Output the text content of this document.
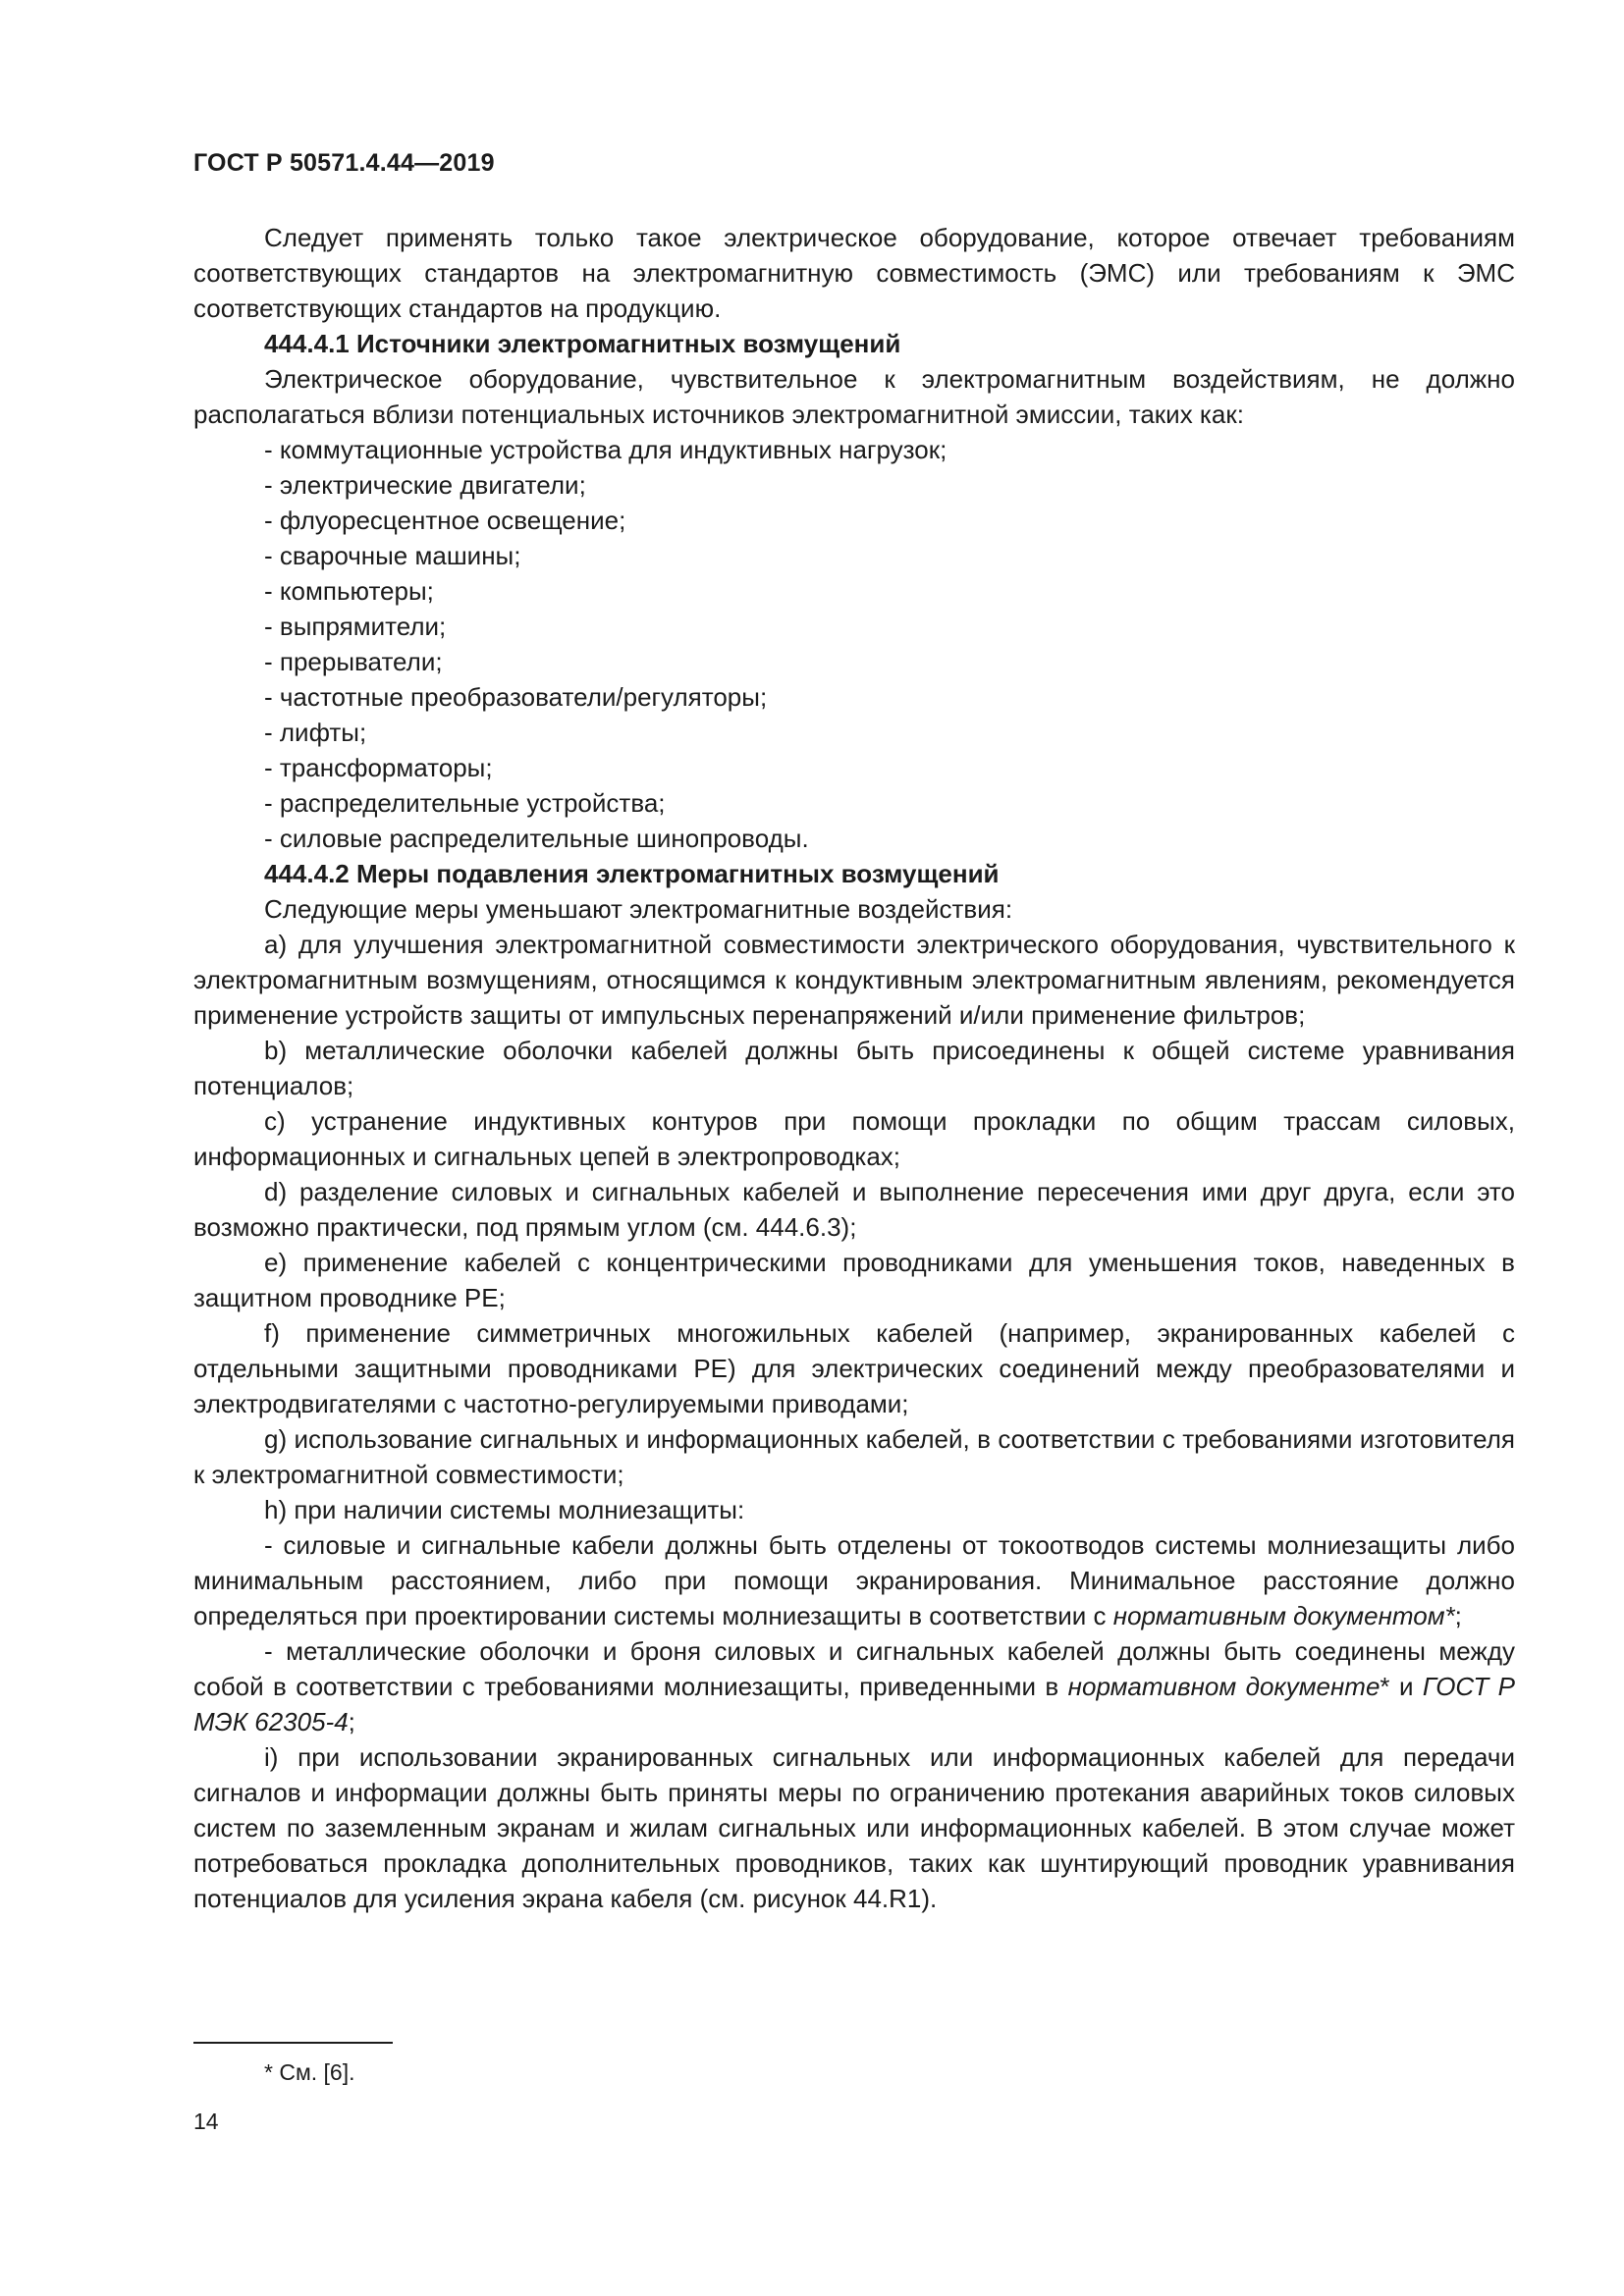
ГОСТ Р 50571.4.44—2019

Следует применять только такое электрическое оборудование, которое отвечает требованиям соответствующих стандартов на электромагнитную совместимость (ЭМС) или требованиям к ЭМС соответствующих стандартов на продукцию.

444.4.1 Источники электромагнитных возмущений

Электрическое оборудование, чувствительное к электромагнитным воздействиям, не должно располагаться вблизи потенциальных источников электромагнитной эмиссии, таких как:

- коммутационные устройства для индуктивных нагрузок;

- электрические двигатели;

- флуоресцентное освещение;

- сварочные машины;

- компьютеры;

- выпрямители;

- прерыватели;

- частотные преобразователи/регуляторы;

- лифты;

- трансформаторы;

- распределительные устройства;

- силовые распределительные шинопроводы.

444.4.2 Меры подавления электромагнитных возмущений

Следующие меры уменьшают электромагнитные воздействия:

a) для улучшения электромагнитной совместимости электрического оборудования, чувствительного к электромагнитным возмущениям, относящимся к кондуктивным электромагнитным явлениям, рекомендуется применение устройств защиты от импульсных перенапряжений и/или применение фильтров;

b) металлические оболочки кабелей должны быть присоединены к общей системе уравнивания потенциалов;

c) устранение индуктивных контуров при помощи прокладки по общим трассам силовых, информационных и сигнальных цепей в электропроводках;

d) разделение силовых и сигнальных кабелей и выполнение пересечения ими друг друга, если это возможно практически, под прямым углом (см. 444.6.3);

e) применение кабелей с концентрическими проводниками для уменьшения токов, наведенных в защитном проводнике PE;

f) применение симметричных многожильных кабелей (например, экранированных кабелей с отдельными защитными проводниками PE) для электрических соединений между преобразователями и электродвигателями с частотно-регулируемыми приводами;

g) использование сигнальных и информационных кабелей, в соответствии с требованиями изготовителя к электромагнитной совместимости;

h) при наличии системы молниезащиты:

- силовые и сигнальные кабели должны быть отделены от токоотводов системы молниезащиты либо минимальным расстоянием, либо при помощи экранирования. Минимальное расстояние должно определяться при проектировании системы молниезащиты в соответствии с нормативным документом*;

- металлические оболочки и броня силовых и сигнальных кабелей должны быть соединены между собой в соответствии с требованиями молниезащиты, приведенными в нормативном документе* и ГОСТ Р МЭК 62305-4;

i) при использовании экранированных сигнальных или информационных кабелей для передачи сигналов и информации должны быть приняты меры по ограничению протекания аварийных токов силовых систем по заземленным экранам и жилам сигнальных или информационных кабелей. В этом случае может потребоваться прокладка дополнительных проводников, таких как шунтирующий проводник уравнивания потенциалов для усиления экрана кабеля (см. рисунок 44.R1).

* См. [6].
14
